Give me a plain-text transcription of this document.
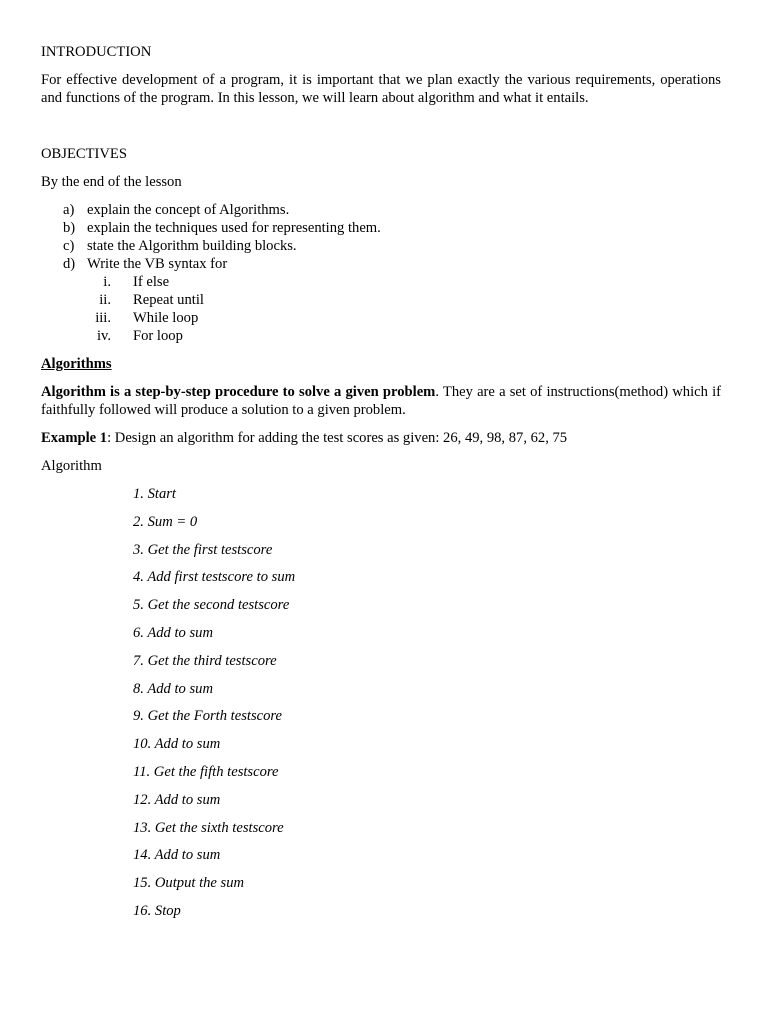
INTRODUCTION

For effective development of a program, it is important that we plan exactly the various requirements, operations and functions of the program. In this lesson, we will learn about algorithm and what it entails.

OBJECTIVES

By the end of the lesson

a) explain the concept of Algorithms.
b) explain the techniques used for representing them.
c) state the Algorithm building blocks.
d) Write the VB syntax for
i. If else
ii. Repeat until
iii. While loop
iv. For loop

Algorithms

Algorithm is a step-by-step procedure to solve a given problem. They are a set of instructions(method) which if faithfully followed will produce a solution to a given problem.

Example 1: Design an algorithm for adding the test scores as given: 26, 49, 98, 87, 62, 75

Algorithm

1. Start
2. Sum = 0
3. Get the first testscore
4. Add first testscore to sum
5. Get the second testscore
6. Add to sum
7. Get the third testscore
8. Add to sum
9. Get the Forth testscore
10. Add to sum
11. Get the fifth testscore
12. Add to sum
13. Get the sixth testscore
14. Add to sum
15. Output the sum
16. Stop
